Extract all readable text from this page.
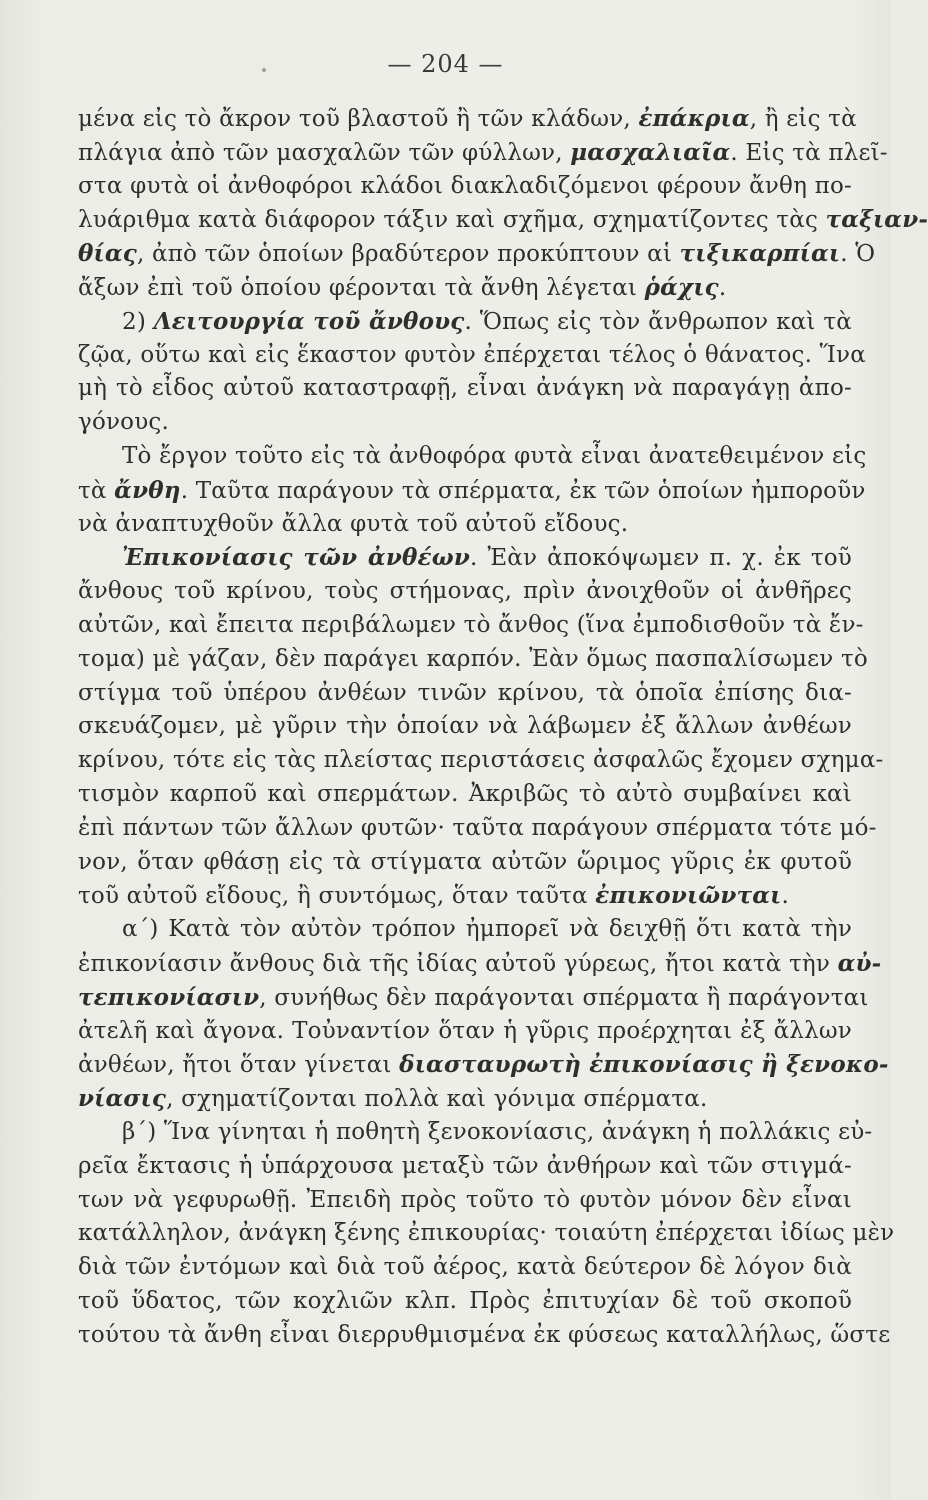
— 204 —
μένα εἰς τὸ ἄκρον τοῦ βλαστοῦ ἢ τῶν κλάδων, ἐπάκρια, ἢ εἰς τὰ
πλάγια ἀπὸ τῶν μασχαλῶν τῶν φύλλων, μασχαλιαῖα. Εἰς τὰ πλεῖ-
στα φυτὰ οἱ ἀνθοφόροι κλάδοι διακλαδιζόμενοι φέρουν ἄνθη πο-
λυάριθμα κατὰ διάφορον τάξιν καὶ σχῆμα, σχηματίζοντες τὰς ταξιαν-
θίας, ἀπὸ τῶν ὁποίων βραδύτερον προκύπτουν αἱ τιξικαρπίαι. Ὁ
ἄξων ἐπὶ τοῦ ὁποίου φέρονται τὰ ἄνθη λέγεται ῥάχις.
2) Λειτουργία τοῦ ἄνθους. Ὅπως εἰς τὸν ἄνθρωπον καὶ τὰ
ζῷα, οὕτω καὶ εἰς ἕκαστον φυτὸν ἐπέρχεται τέλος ὁ θάνατος. Ἵνα
μὴ τὸ εἶδος αὐτοῦ καταστραφῇ, εἶναι ἀνάγκη νὰ παραγάγῃ ἀπο-
γόνους.
Τὸ ἔργον τοῦτο εἰς τὰ ἀνθοφόρα φυτὰ εἶναι ἀνατεθειμένον εἰς
τὰ ἄνθη. Ταῦτα παράγουν τὰ σπέρματα, ἐκ τῶν ὁποίων ἠμποροῦν
νὰ ἀναπτυχθοῦν ἄλλα φυτὰ τοῦ αὐτοῦ εἴδους.
Ἐπικονίασις τῶν ἀνθέων. Ἐὰν ἀποκόψωμεν π. χ. ἐκ τοῦ
ἄνθους τοῦ κρίνου, τοὺς στήμονας, πρὶν ἀνοιχθοῦν οἱ ἀνθῆρες
αὐτῶν, καὶ ἔπειτα περιβάλωμεν τὸ ἄνθος (ἵνα ἐμποδισθοῦν τὰ ἔν-
τομα) μὲ γάζαν, δὲν παράγει καρπόν. Ἐὰν ὅμως πασπαλίσωμεν τὸ
στίγμα τοῦ ὑπέρου ἀνθέων τινῶν κρίνου, τὰ ὁποῖα ἐπίσης δια-
σκευάζομεν, μὲ γῦριν τὴν ὁποίαν νὰ λάβωμεν ἐξ ἄλλων ἀνθέων
κρίνου, τότε εἰς τὰς πλείστας περιστάσεις ἀσφαλῶς ἔχομεν σχημα-
τισμὸν καρποῦ καὶ σπερμάτων. Ἀκριβῶς τὸ αὐτὸ συμβαίνει καὶ
ἐπὶ πάντων τῶν ἄλλων φυτῶν· ταῦτα παράγουν σπέρματα τότε μό-
νον, ὅταν φθάσῃ εἰς τὰ στίγματα αὐτῶν ὥριμος γῦρις ἐκ φυτοῦ
τοῦ αὐτοῦ εἴδους, ἢ συντόμως, ὅταν ταῦτα ἐπικονιῶνται.
α΄) Κατὰ τὸν αὐτὸν τρόπον ἠμπορεῖ νὰ δειχθῇ ὅτι κατὰ τὴν
ἐπικονίασιν ἄνθους διὰ τῆς ἰδίας αὐτοῦ γύρεως, ἤτοι κατὰ τὴν αὐ-
τεπικονίασιν, συνήθως δὲν παράγονται σπέρματα ἢ παράγονται
ἀτελῆ καὶ ἄγονα. Τοὐναντίον ὅταν ἡ γῦρις προέρχηται ἐξ ἄλλων
ἀνθέων, ἤτοι ὅταν γίνεται διασταυρωτὴ ἐπικονίασις ἢ ξενοκο-
νίασις, σχηματίζονται πολλὰ καὶ γόνιμα σπέρματα.
β΄) Ἵνα γίνηται ἡ ποθητὴ ξενοκονίασις, ἀνάγκη ἡ πολλάκις εὐ-
ρεῖα ἔκτασις ἡ ὑπάρχουσα μεταξὺ τῶν ἀνθήρων καὶ τῶν στιγμά-
των νὰ γεφυρωθῇ. Ἐπειδὴ πρὸς τοῦτο τὸ φυτὸν μόνον δὲν εἶναι
κατάλληλον, ἀνάγκη ξένης ἐπικουρίας· τοιαύτη ἐπέρχεται ἰδίως μὲν
διὰ τῶν ἐντόμων καὶ διὰ τοῦ ἀέρος, κατὰ δεύτερον δὲ λόγον διὰ
τοῦ ὕδατος, τῶν κοχλιῶν κλπ. Πρὸς ἐπιτυχίαν δὲ τοῦ σκοποῦ
τούτου τὰ ἄνθη εἶναι διερρυθμισμένα ἐκ φύσεως καταλλήλως, ὥστε
